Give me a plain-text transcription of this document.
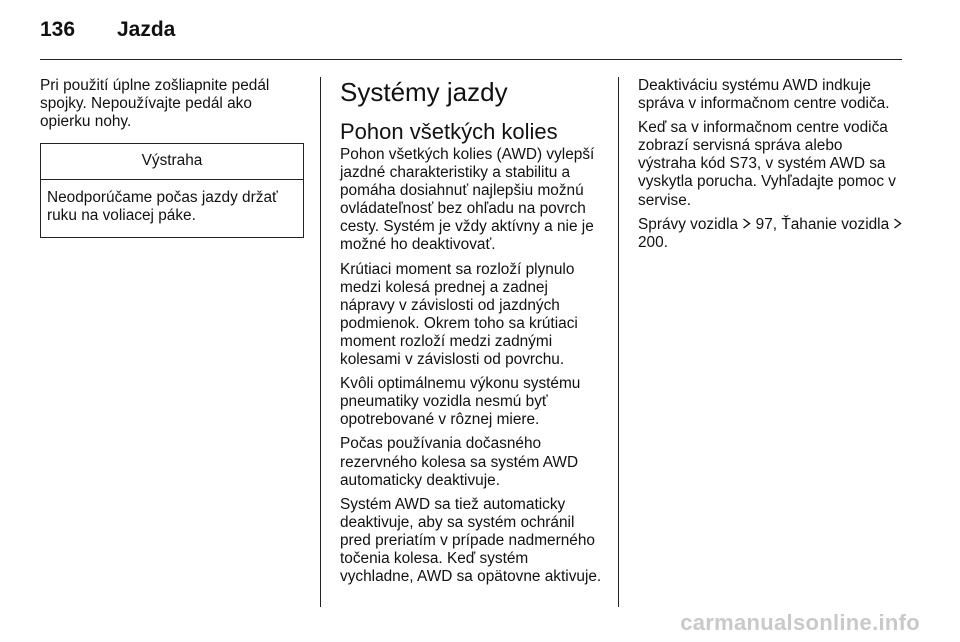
136 Jazda

Pri použití úplne zošliapnite pedál spojky. Nepoužívajte pedál ako opierku nohy.

Výstraha
Neodporúčame počas jazdy držať ruku na voliacej páke.
Systémy jazdy
Pohon všetkých kolies

Pohon všetkých kolies (AWD) vylepší jazdné charakteristiky a stabilitu a pomáha dosiahnuť najlepšiu možnú ovládateľnosť bez ohľadu na povrch cesty. Systém je vždy aktívny a nie je možné ho deaktivovať.

Krútiaci moment sa rozloží plynulo medzi kolesá prednej a zadnej nápravy v závislosti od jazdných podmienok. Okrem toho sa krútiaci moment rozloží medzi zadnými kolesami v závislosti od povrchu.

Kvôli optimálnemu výkonu systému pneumatiky vozidla nesmú byť opotrebované v rôznej miere.

Počas používania dočasného rezervného kolesa sa systém AWD automaticky deaktivuje.

Systém AWD sa tiež automaticky deaktivuje, aby sa systém ochránil pred preriatím v prípade nadmerného točenia kolesa. Keď systém vychladne, AWD sa opätovne aktivuje.

Deaktiváciu systému AWD indkuje správa v informačnom centre vodiča.

Keď sa v informačnom centre vodiča zobrazí servisná správa alebo výstraha kód S73, v systém AWD sa vyskytla porucha. Vyhľadajte pomoc v servise.

Správy vozidla 97, Ťahanie vozidla  200.

carmanualsonline.info
